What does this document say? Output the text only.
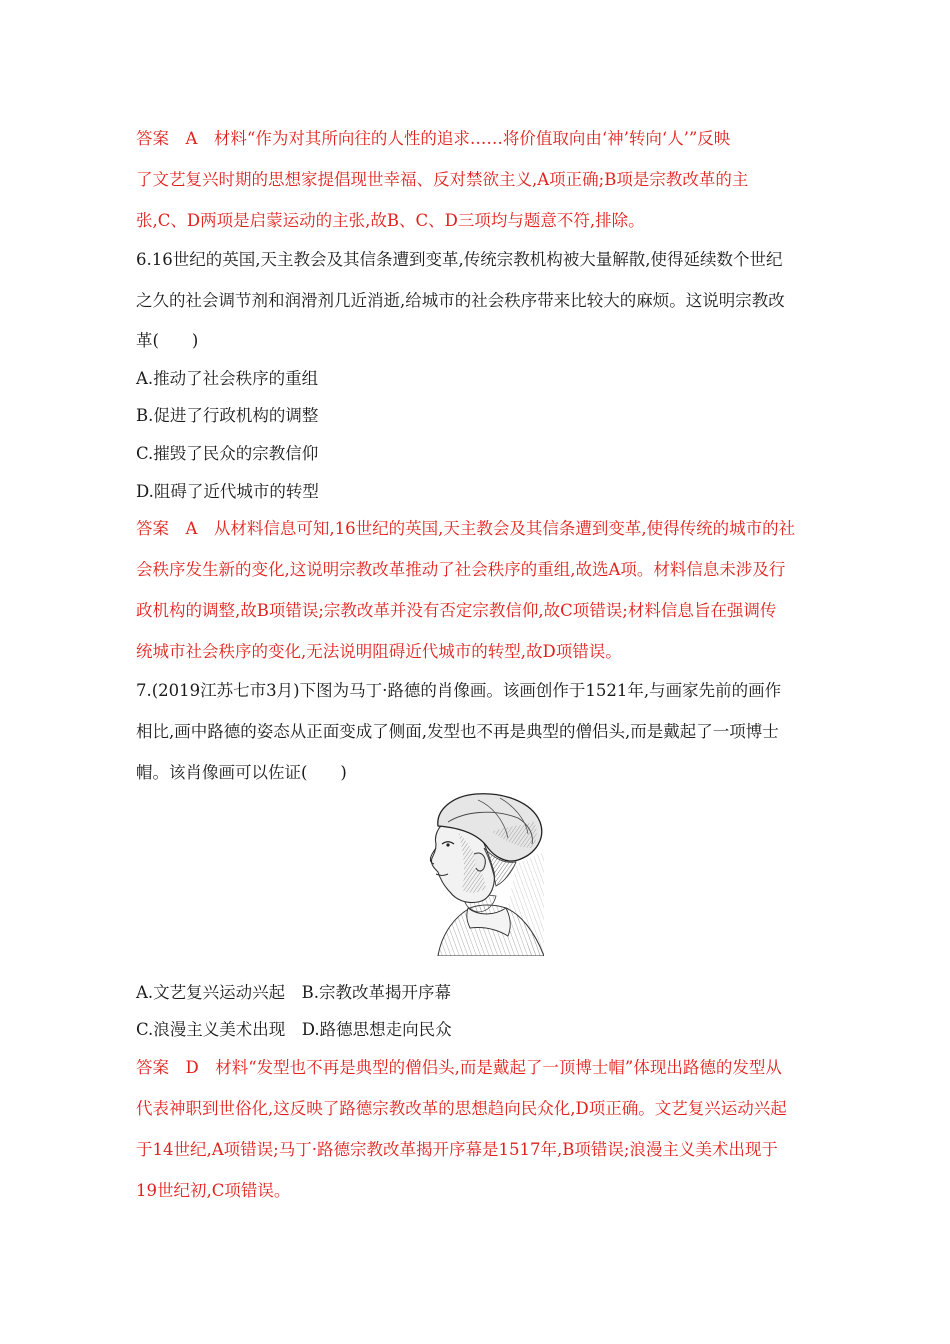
答案　A　材料“作为对其所向往的人性的追求……将价值取向由‘神’转向‘人’”反映
了文艺复兴时期的思想家提倡现世幸福、反对禁欲主义,A项正确;B项是宗教改革的主
张,C、D两项是启蒙运动的主张,故B、C、D三项均与题意不符,排除。
6.16世纪的英国,天主教会及其信条遭到变革,传统宗教机构被大量解散,使得延续数个世纪
之久的社会调节剂和润滑剂几近消逝,给城市的社会秩序带来比较大的麻烦。这说明宗教改
革(　　)
A.推动了社会秩序的重组
B.促进了行政机构的调整
C.摧毁了民众的宗教信仰
D.阻碍了近代城市的转型
答案　A　从材料信息可知,16世纪的英国,天主教会及其信条遭到变革,使得传统的城市的社
会秩序发生新的变化,这说明宗教改革推动了社会秩序的重组,故选A项。材料信息未涉及行
政机构的调整,故B项错误;宗教改革并没有否定宗教信仰,故C项错误;材料信息旨在强调传
统城市社会秩序的变化,无法说明阻碍近代城市的转型,故D项错误。
7.(2019江苏七市3月)下图为马丁·路德的肖像画。该画创作于1521年,与画家先前的画作
相比,画中路德的姿态从正面变成了侧面,发型也不再是典型的僧侣头,而是戴起了一项博士
帽。该肖像画可以佐证(　　)
A.文艺复兴运动兴起　B.宗教改革揭开序幕
C.浪漫主义美术出现　D.路德思想走向民众
答案　D　材料“发型也不再是典型的僧侣头,而是戴起了一顶博士帽”体现出路德的发型从
代表神职到世俗化,这反映了路德宗教改革的思想趋向民众化,D项正确。文艺复兴运动兴起
于14世纪,A项错误;马丁·路德宗教改革揭开序幕是1517年,B项错误;浪漫主义美术出现于
19世纪初,C项错误。
